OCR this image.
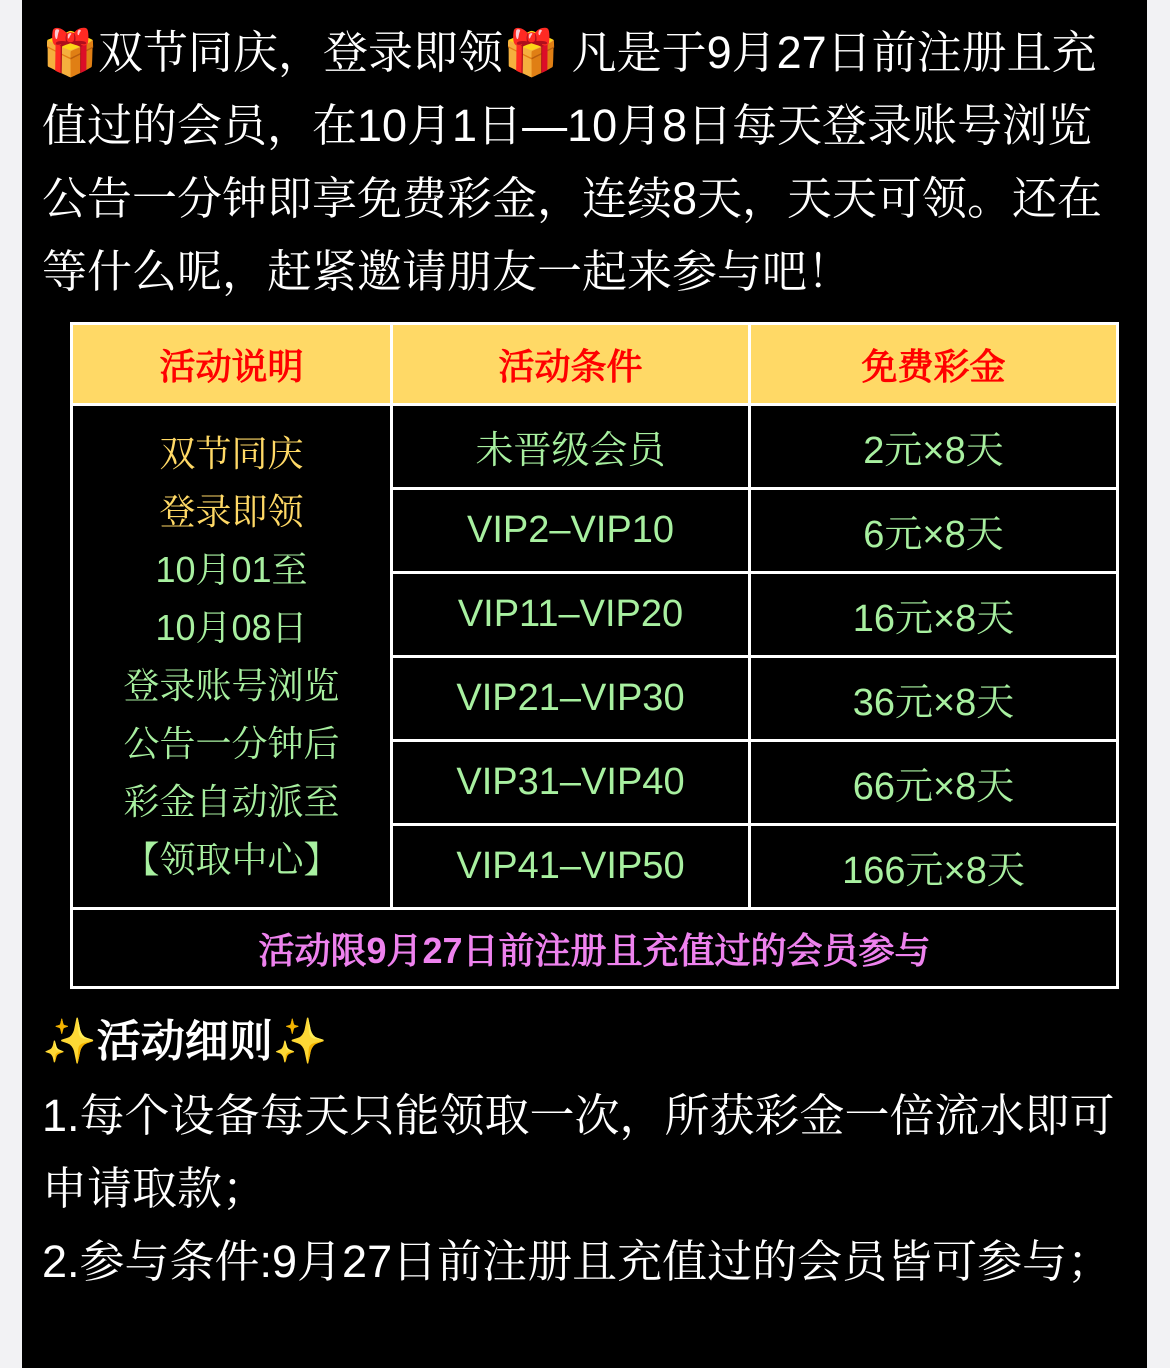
🎁双节同庆，登录即领🎁 凡是于9月27日前注册且充值过的会员，在10月1日—10月8日每天登录账号浏览公告一分钟即享免费彩金，连续8天，天天可领。还在等什么呢，赶紧邀请朋友一起来参与吧！

活动说明	活动条件	免费彩金

双节同庆
登录即领
10月01至
10月08日
登录账号浏览
公告一分钟后
彩金自动派至
【领取中心】
	未晋级会员	2元×8天
	VIP2–VIP10	6元×8天
	VIP11–VIP20	16元×8天
	VIP21–VIP30	36元×8天
	VIP31–VIP40	66元×8天
	VIP41–VIP50	166元×8天
活动限9月27日前注册且充值过的会员参与		
✨活动细则✨

1.每个设备每天只能领取一次，所获彩金一倍流水即可申请取款；

2.参与条件:9月27日前注册且充值过的会员皆可参与；
